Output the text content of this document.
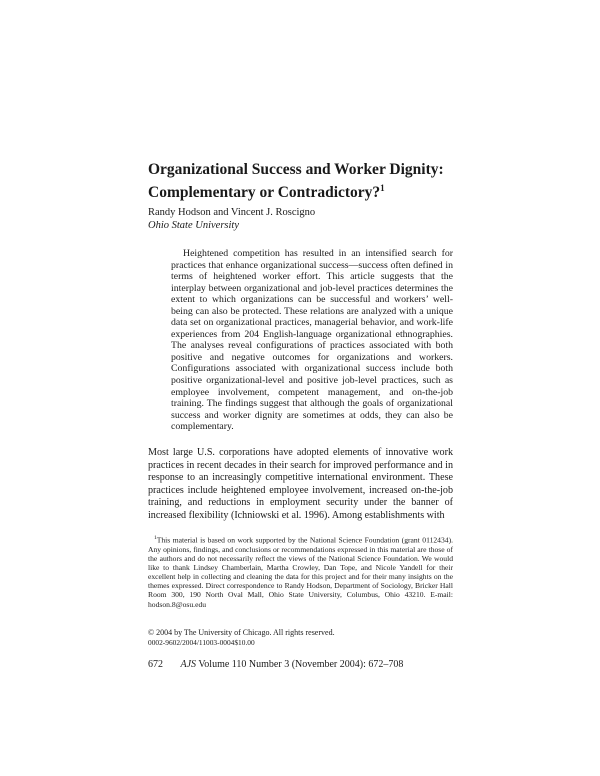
Organizational Success and Worker Dignity:
Complementary or Contradictory?$^1$
Randy Hodson and Vincent J. Roscigno
Ohio State University

Heightened competition has resulted in an intensified search for practices that enhance organizational success—success often defined in terms of heightened worker effort. This article suggests that the interplay between organizational and job-level practices determines the extent to which organizations can be successful and workers’ well-being can also be protected. These relations are analyzed with a unique data set on organizational practices, managerial behavior, and work-life experiences from 204 English-language organizational ethnographies. The analyses reveal configurations of practices associated with both positive and negative outcomes for organizations and workers. Configurations associated with organizational success include both positive organizational-level and positive job-level practices, such as employee involvement, competent management, and on-the-job training. The findings suggest that although the goals of organizational success and worker dignity are sometimes at odds, they can also be complementary.

Most large U.S. corporations have adopted elements of innovative work practices in recent decades in their search for improved performance and in response to an increasingly competitive international environment. These practices include heightened employee involvement, increased on-the-job training, and reductions in employment security under the banner of increased flexibility (Ichniowski et al. 1996). Among establishments with

$^1$This material is based on work supported by the National Science Foundation (grant 0112434). Any opinions, findings, and conclusions or recommendations expressed in this material are those of the authors and do not necessarily reflect the views of the National Science Foundation. We would like to thank Lindsey Chamberlain, Martha Crowley, Dan Tope, and Nicole Yandell for their excellent help in collecting and cleaning the data for this project and for their many insights on the themes expressed. Direct correspondence to Randy Hodson, Department of Sociology, Bricker Hall Room 300, 190 North Oval Mall, Ohio State University, Columbus, Ohio 43210. E-mail: hodson.8@osu.edu

© 2004 by The University of Chicago. All rights reserved.
0002-9602/2004/11003-0004$10.00
672 AJS Volume 110 Number 3 (November 2004): 672–708
